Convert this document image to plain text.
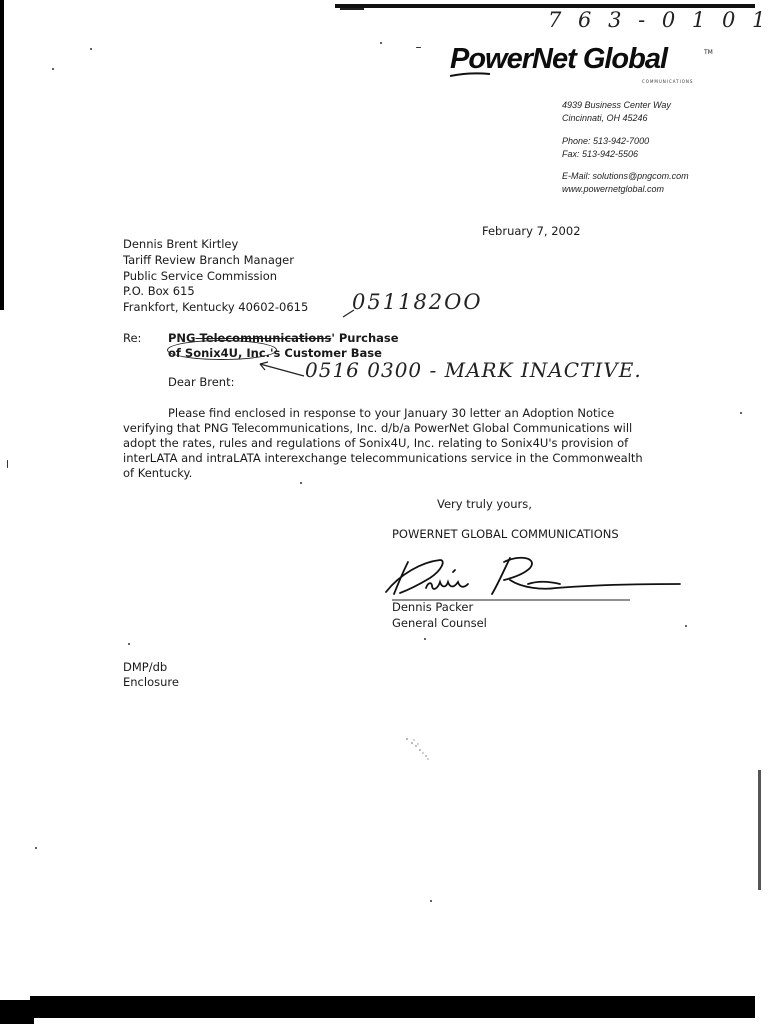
7 6 3 - 0 1 0 1
PowerNet Global	TM
COMMUNICATIONS
4939 Business Center Way
Cincinnati, OH 45246
Phone: 513-942-7000
Fax: 513-942-5506
E-Mail: solutions@pngcom.com
www.powernetglobal.com
February 7, 2002
Dennis Brent Kirtley
Tariff Review Branch Manager
Public Service Commission
P.O. Box 615
Frankfort, Kentucky 40602-0615 051182OO
Re: PNG Telecommunications' Purchase
of Sonix4U, Inc.'s Customer Base
0516 0300 - MARK INACTIVE.
Dear Brent:
Please find enclosed in response to your January 30 letter an Adoption Notice
verifying that PNG Telecommunications, Inc. d/b/a PowerNet Global Communications will
adopt the rates, rules and regulations of Sonix4U, Inc. relating to Sonix4U's provision of
interLATA and intraLATA interexchange telecommunications service in the Commonwealth
of Kentucky.
Very truly yours,
POWERNET GLOBAL COMMUNICATIONS
Dennis Packer
General Counsel
DMP/db
Enclosure
